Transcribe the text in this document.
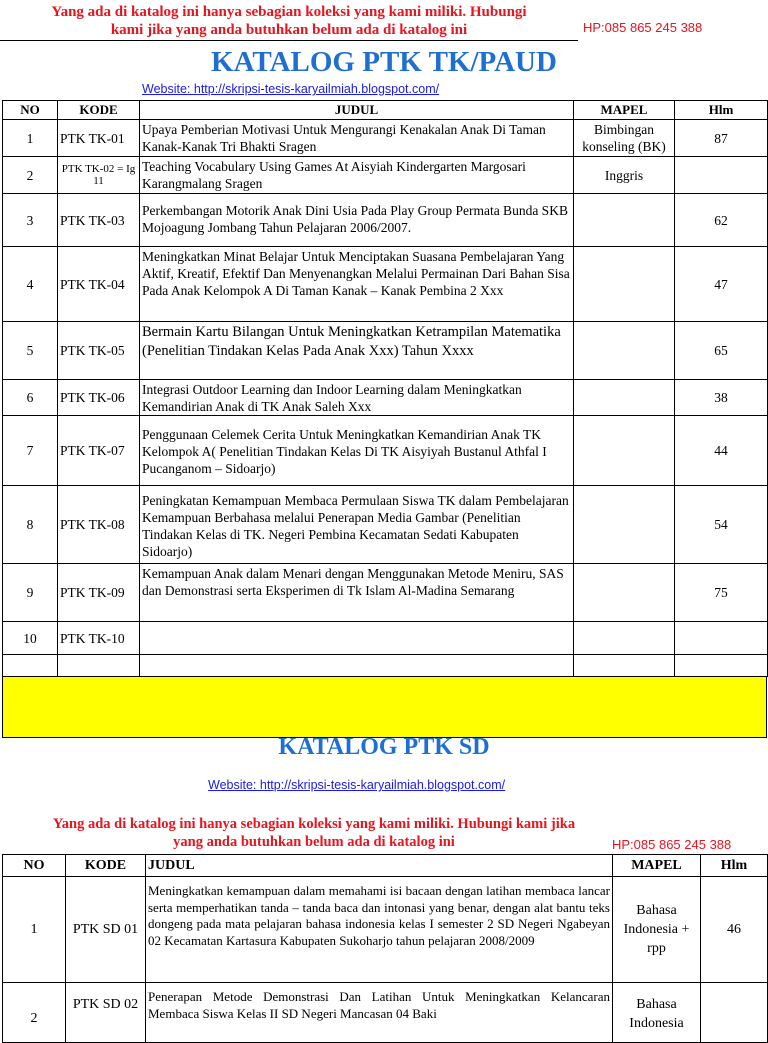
Yang ada di katalog ini hanya sebagian koleksi yang kami miliki. Hubungi
kami jika yang anda butuhkan belum ada di katalog ini	HP:085 865 245 388
KATALOG PTK TK/PAUD
Website: http://skripsi-tesis-karyailmiah.blogspot.com/
NO	KODE	JUDUL	MAPEL	Hlm
1	PTK TK-01	Upaya Pemberian Motivasi Untuk Mengurangi Kenakalan Anak Di Taman Kanak-Kanak Tri Bhakti Sragen	Bimbingan konseling (BK)	87
2	PTK TK-02 = Ig 11	Teaching Vocabulary Using Games At Aisyiah Kindergarten Margosari Karangmalang Sragen	Inggris	
3	PTK TK-03	Perkembangan Motorik Anak Dini Usia Pada Play Group Permata Bunda SKB Mojoagung Jombang Tahun Pelajaran 2006/2007.		62
4	PTK TK-04	Meningkatkan Minat Belajar Untuk Menciptakan Suasana Pembelajaran Yang Aktif, Kreatif, Efektif Dan Menyenangkan Melalui Permainan Dari Bahan Sisa Pada Anak Kelompok A Di Taman Kanak – Kanak Pembina 2 Xxx		47
5	PTK TK-05	Bermain Kartu Bilangan Untuk Meningkatkan Ketrampilan Matematika (Penelitian Tindakan Kelas Pada Anak Xxx) Tahun Xxxx		65
6	PTK TK-06	Integrasi Outdoor Learning dan Indoor Learning dalam Meningkatkan Kemandirian Anak di TK Anak Saleh Xxx		38
7	PTK TK-07	Penggunaan Celemek Cerita Untuk Meningkatkan Kemandirian Anak TK Kelompok A( Penelitian Tindakan Kelas Di TK Aisyiyah Bustanul Athfal I Pucanganom – Sidoarjo)		44
8	PTK TK-08	Peningkatan Kemampuan Membaca Permulaan Siswa TK dalam Pembelajaran Kemampuan Berbahasa melalui Penerapan Media Gambar (Penelitian Tindakan Kelas di TK. Negeri Pembina Kecamatan Sedati Kabupaten Sidoarjo)		54
9	PTK TK-09	Kemampuan Anak dalam Menari dengan Menggunakan Metode Meniru, SAS dan Demonstrasi serta Eksperimen di Tk Islam Al-Madina Semarang		75
10	PTK TK-10			

KATALOG PTK SD
Website: http://skripsi-tesis-karyailmiah.blogspot.com/
Yang ada di katalog ini hanya sebagian koleksi yang kami miliki. Hubungi kami jika
yang anda butuhkan belum ada di katalog ini	HP:085 865 245 388
NO	KODE	JUDUL	MAPEL	Hlm
1	PTK SD 01	Meningkatkan kemampuan dalam memahami isi bacaan dengan latihan membaca lancar serta memperhatikan tanda – tanda baca dan intonasi yang benar, dengan alat bantu teks dongeng pada mata pelajaran bahasa indonesia kelas I semester 2 SD Negeri Ngabeyan 02 Kecamatan Kartasura Kabupaten Sukoharjo tahun pelajaran 2008/2009	Bahasa Indonesia + rpp	46
2	PTK SD 02	Penerapan Metode Demonstrasi Dan Latihan Untuk Meningkatkan Kelancaran Membaca Siswa Kelas II SD Negeri Mancasan 04 Baki	Bahasa Indonesia	
